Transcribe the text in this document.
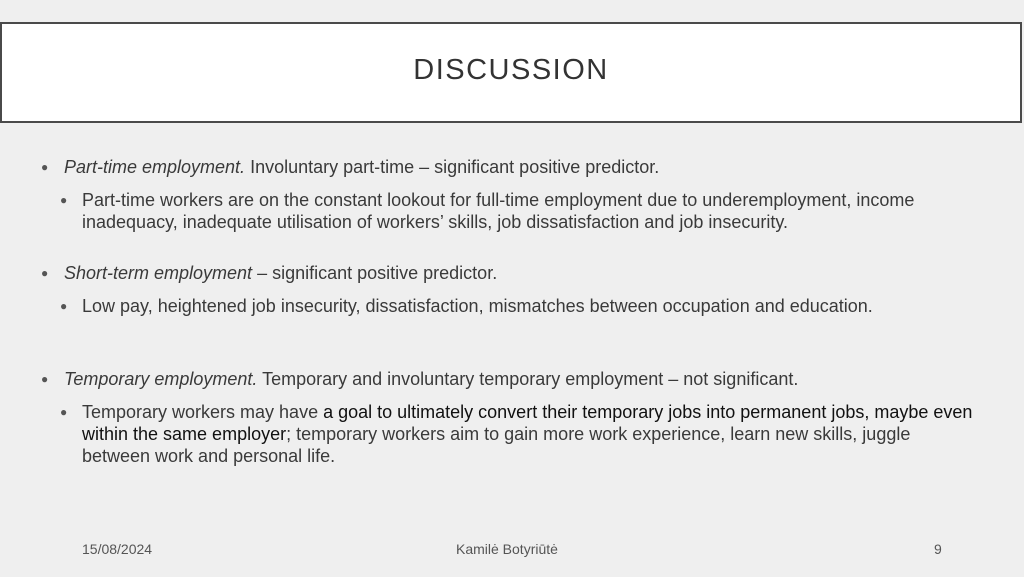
DISCUSSION
● Part-time employment. Involuntary part-time – significant positive predictor.
● Part-time workers are on the constant lookout for full-time employment due to underemployment, income inadequacy, inadequate utilisation of workers’ skills, job dissatisfaction and job insecurity.
● Short-term employment – significant positive predictor.
● Low pay, heightened job insecurity, dissatisfaction, mismatches between occupation and education.
● Temporary employment. Temporary and involuntary temporary employment – not significant.
● Temporary workers may have a goal to ultimately convert their temporary jobs into permanent jobs, maybe even within the same employer; temporary workers aim to gain more work experience, learn new skills, juggle between work and personal life.
15/08/2024	Kamilė Botyriūtė	9
